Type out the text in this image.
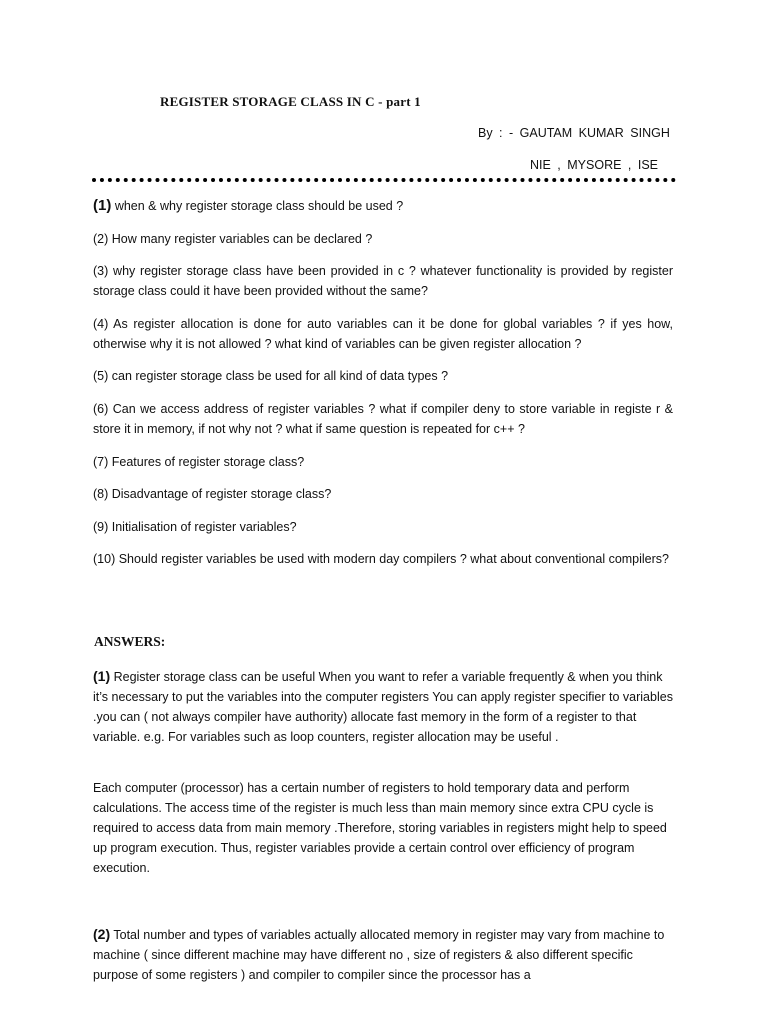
REGISTER STORAGE CLASS IN C - part 1
By : - GAUTAM KUMAR SINGH
NIE , MYSORE , ISE

(1) when & why register storage class should be used ?

(2) How many register variables can be declared ?

(3) why register storage class have been provided in c ? whatever functionality is provided by register storage class could it have been provided without the same?

(4) As register allocation is done for auto variables can it be done for global variables ? if yes how, otherwise why it is not allowed ? what kind of variables can be given register allocation ?

(5) can register storage class be used for all kind of data types ?

(6) Can we access address of register variables ? what if compiler deny to store variable in registe r & store it in memory, if not why not ? what if same question is repeated for c++ ?

(7) Features of register storage class?

(8) Disadvantage of register storage class?

(9) Initialisation of register variables?

(10) Should register variables be used with modern day compilers ? what about conventional compilers?

ANSWERS:

(1) Register storage class can be useful When you want to refer a variable frequently & when you think it’s necessary to put the variables into the computer registers You can apply register specifier to variables .you can ( not always compiler have authority) allocate fast memory in the form of a register to that variable. e.g. For variables such as loop counters, register allocation may be useful .

Each computer (processor) has a certain number of registers to hold temporary data and perform calculations. The access time of the register is much less than main memory since extra CPU cycle is required to access data from main memory .Therefore, storing variables in registers might help to speed up program execution. Thus, register variables provide a certain control over efficiency of program execution.

(2) Total number and types of variables actually allocated memory in register may vary from machine to machine ( since different machine may have different no , size of registers & also different specific purpose of some registers ) and compiler to compiler since the processor has a
